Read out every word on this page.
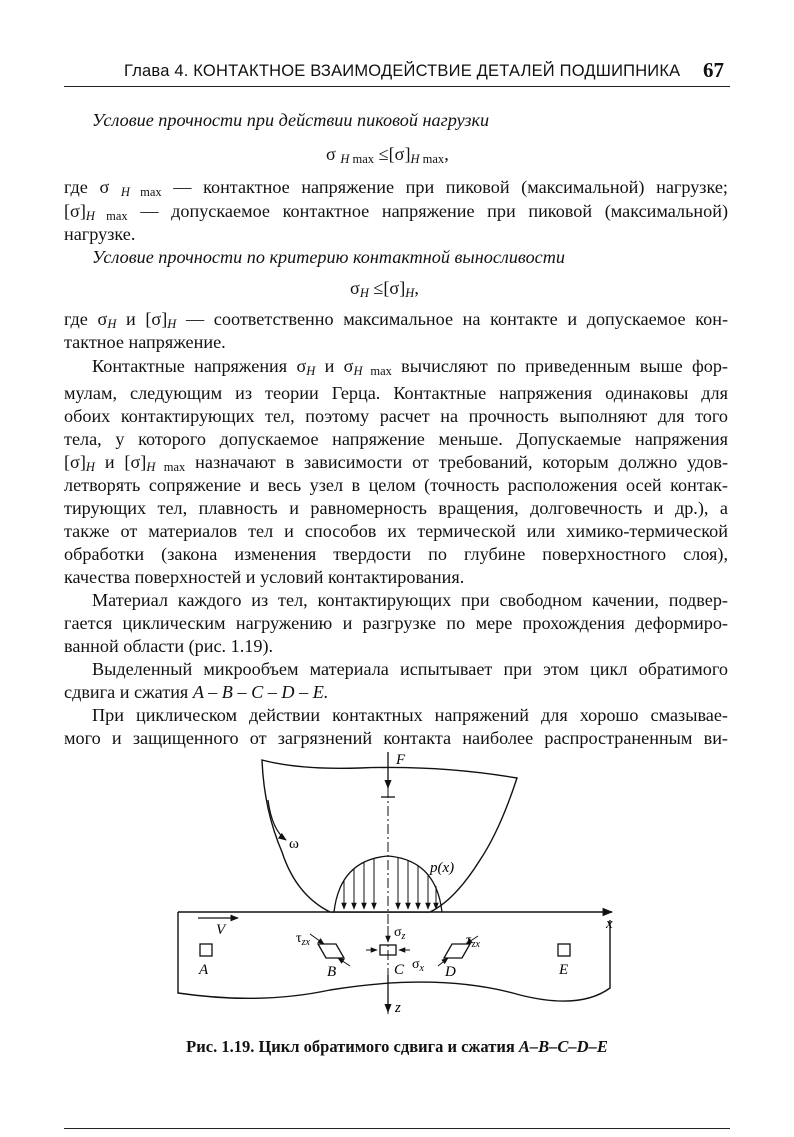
Глава 4. КОНТАКТНОЕ ВЗАИМОДЕЙСТВИЕ ДЕТАЛЕЙ ПОДШИПНИКА 67
Условие прочности при действии пиковой нагрузки
σ $_{H max} \le[\sigma]_{H max}$,
где σ $_{H max}$ — контактное напряжение при пиковой (максимальной) нагрузке;
$[\sigma]_{H max}$ — допускаемое контактное напряжение при пиковой (максимальной)
нагрузке.
Условие прочности по критерию контактной выносливости
$\sigma_H \le[\sigma]_H$,
где $\sigma_H$ и $[\sigma]_H$ — соответственно максимальное на контакте и допускаемое кон-
тактное напряжение.
Контактные напряжения $\sigma_H$ и $\sigma_{H max}$ вычисляют по приведенным выше фор-
мулам, следующим из теории Герца. Контактные напряжения одинаковы для
обоих контактирующих тел, поэтому расчет на прочность выполняют для того
тела, у которого допускаемое напряжение меньше. Допускаемые напряжения
$[\sigma]_H$ и $[\sigma]_{H max}$ назначают в зависимости от требований, которым должно удов-
летворять сопряжение и весь узел в целом (точность расположения осей контак-
тирующих тел, плавность и равномерность вращения, долговечность и др.), а
также от материалов тел и способов их термической или химико-термической
обработки (закона изменения твердости по глубине поверхностного слоя),
качества поверхностей и условий контактирования.
Материал каждого из тел, контактирующих при свободном качении, подвер-
гается циклическим нагружению и разгрузке по мере прохождения деформиро-
ванной области (рис. 1.19).
Выделенный микрообъем материала испытывает при этом цикл обратимого
сдвига и сжатия A – B – C – D – E.
При циклическом действии контактных напряжений для хорошо смазывае-
мого и защищенного от загрязнений контакта наиболее распространенным ви-
F
ω
p(x)
x
V
$\tau_{zx}$	$\tau_{zx}$
$\sigma_z$
$\sigma_x$
A	B	C	D	E
z
Рис. 1.19. Цикл обратимого сдвига и сжатия A–B–C–D–E
